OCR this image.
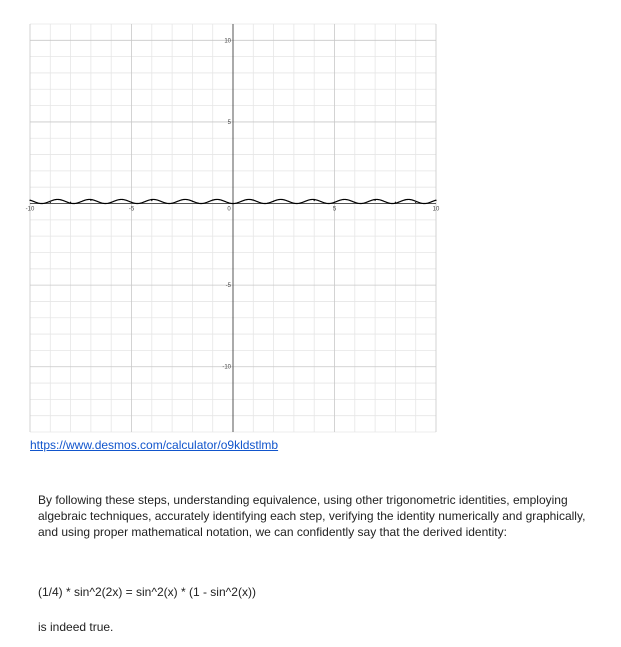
-10	-5	0	5	10
10
5
-5
-10
https://www.desmos.com/calculator/o9kldstlmb

By following these steps, understanding equivalence, using other trigonometric identities, employing algebraic techniques, accurately identifying each step, verifying the identity numerically and graphically, and using proper mathematical notation, we can confidently say that the derived identity:

(1/4) * sin^2(2x) = sin^2(x) * (1 - sin^2(x))

is indeed true.
